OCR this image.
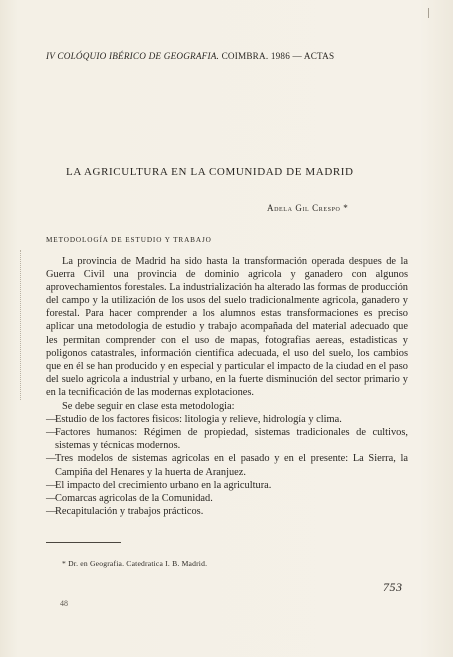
IV COLÓQUIO IBÉRICO DE GEOGRAFIA. COIMBRA. 1986 — ACTAS
LA AGRICULTURA EN LA COMUNIDAD DE MADRID
Adela Gil Crespo *
METODOLOGÍA DE ESTUDIO Y TRABAJO

La provincia de Madrid ha sido hasta la transformación operada despues de la Guerra Civil una provincia de dominio agricola y ganadero con algunos aprovechamientos forestales. La industrialización ha alterado las formas de producción del campo y la utilización de los usos del suelo tradicionalmente agricola, ganadero y forestal. Para hacer comprender a los alumnos estas transformaciones es preciso aplicar una metodologia de estudio y trabajo acompañada del material adecuado que les permitan comprender con el uso de mapas, fotografias aereas, estadisticas y poligonos catastrales, información cientifica adecuada, el uso del suelo, los cambios que en él se han producido y en especial y particular el impacto de la ciudad en el paso del suelo agricola a industrial y urbano, en la fuerte disminución del sector primario y en la tecnificación de las modernas explotaciones.

Se debe seguir en clase esta metodologia:

—Estudio de los factores fisicos: litologia y relieve, hidrología y clima.
—Factores humanos: Régimen de propiedad, sistemas tradicionales de cultivos, sistemas y técnicas modernos.
—Tres modelos de sistemas agricolas en el pasado y en el presente: La Sierra, la Campiña del Henares y la huerta de Aranjuez.
—El impacto del crecimiento urbano en la agricultura.
—Comarcas agricolas de la Comunidad.
—Recapitulación y trabajos prácticos.
* Dr. en Geografia. Catedratica I. B. Madrid.
753
48
